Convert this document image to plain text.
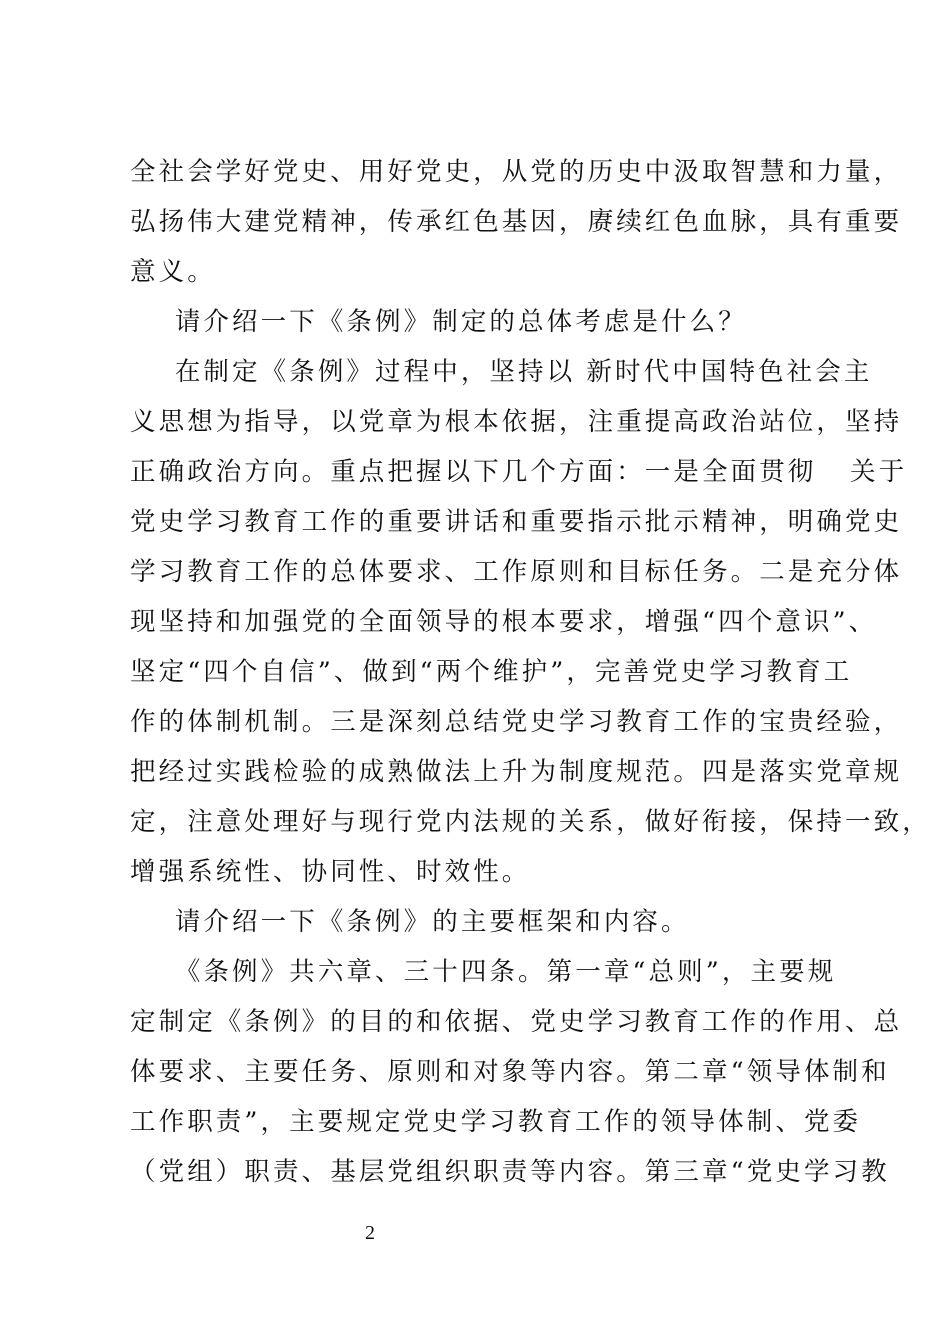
全社会学好党史、用好党史，从党的历史中汲取智慧和力量，
弘扬伟大建党精神，传承红色基因，赓续红色血脉，具有重要
意义。
请介绍一下《条例》制定的总体考虑是什么？
在制定《条例》过程中，坚持以 新时代中国特色社会主
义思想为指导，以党章为根本依据，注重提高政治站位，坚持
正确政治方向。重点把握以下几个方面：一是全面贯彻   关于
党史学习教育工作的重要讲话和重要指示批示精神，明确党史
学习教育工作的总体要求、工作原则和目标任务。二是充分体
现坚持和加强党的全面领导的根本要求，增强“四个意识”、
坚定“四个自信”、做到“两个维护”，完善党史学习教育工
作的体制机制。三是深刻总结党史学习教育工作的宝贵经验，
把经过实践检验的成熟做法上升为制度规范。四是落实党章规
定，注意处理好与现行党内法规的关系，做好衔接，保持一致，
增强系统性、协同性、时效性。
请介绍一下《条例》的主要框架和内容。
《条例》共六章、三十四条。第一章“总则”，主要规
定制定《条例》的目的和依据、党史学习教育工作的作用、总
体要求、主要任务、原则和对象等内容。第二章“领导体制和
工作职责”，主要规定党史学习教育工作的领导体制、党委
（党组）职责、基层党组织职责等内容。第三章“党史学习教
2
